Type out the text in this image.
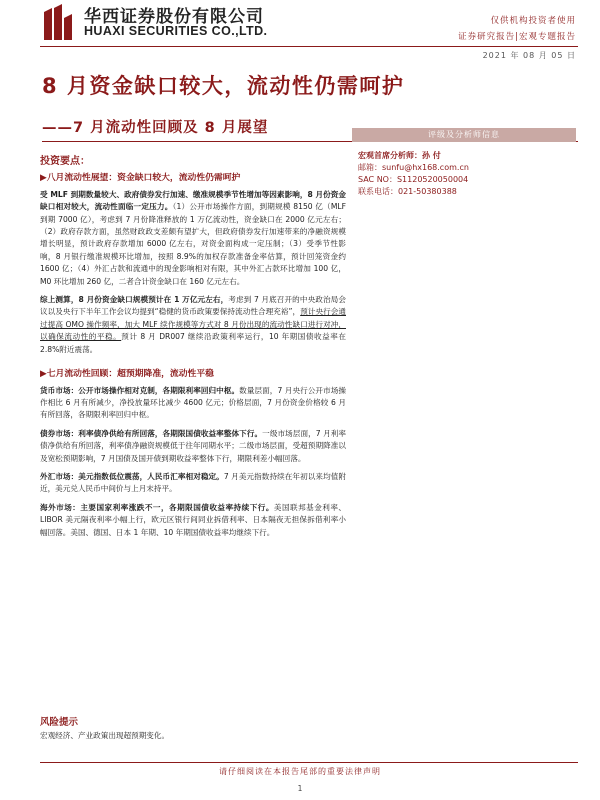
华西证券股份有限公司
HUAXI SECURITIES CO.,LTD.
仅供机构投资者使用
证券研究报告|宏观专题报告
2021 年 08 月 05 日
8 月资金缺口较大，流动性仍需呵护
——7 月流动性回顾及 8 月展望	评级及分析师信息
宏观首席分析师：孙 付
邮箱：sunfu@hx168.com.cn
SAC NO：S1120520050004
联系电话：021-50380388
投资要点：
▶八月流动性展望：资金缺口较大，流动性仍需呵护
受 MLF 到期数量较大、政府债券发行加速、缴准规模季节性增加等因素影响，8 月份资金缺口相对较大，流动性面临一定压力。（1）公开市场操作方面，到期规模 8150 亿（MLF 到期 7000 亿），考虑到 7 月份降准释放的 1 万亿流动性，资金缺口在 2000 亿元左右；（2）政府存款方面，虽然财政政支差颇有望扩大，但政府债券发行加速带来的净融资规模增长明显，预计政府存款增加 6000 亿左右，对资金面构成一定压制；（3）受季节性影响，8 月银行缴准规模环比增加，按照 8.9%的加权存款准备金率估算，预计回笼资金约 1600 亿；（4）外汇占款和流通中的现金影响相对有限，其中外汇占款环比增加 100 亿，M0 环比增加 260 亿，二者合计资金缺口在 160 亿元左右。
综上测算，8 月份资金缺口规模预计在 1 万亿元左右，考虑到 7 月底召开的中央政治局会议以及央行下半年工作会议均提到“稳健的货币政策要保持流动性合理充裕”，预计央行会通过提高 OMO 操作频率，加大 MLF 续作规模等方式对 8 月份出现的流动性缺口进行对冲，以确保流动性的平稳。预计 8 月 DR007 继续沿政策利率运行，10 年期国债收益率在 2.8%附近震荡。
▶七月流动性回顾：超预期降准，流动性平稳
货币市场：公开市场操作相对克制，各期限利率回归中枢。数量层面，7 月央行公开市场操作相比 6 月有所减少，净投放量环比减少 4600 亿元；价格层面，7 月份资金价格较 6 月有所回落，各期限利率回归中枢。
债券市场：利率债净供给有所回落，各期限国债收益率整体下行。一级市场层面，7 月利率债净供给有所回落，利率债净融资规模低于往年同期水平；二级市场层面，受超预期降准以及宽松预期影响，7 月国债及国开债到期收益率整体下行，期限利差小幅回落。
外汇市场：美元指数低位震荡，人民币汇率相对稳定。7 月美元指数持续在年初以来均值附近，美元兑人民币中间价与上月末持平。
海外市场：主要国家利率涨跌不一，各期限国债收益率持续下行。美国联邦基金利率、LIBOR 美元隔夜利率小幅上行，欧元区银行间同业拆借利率、日本隔夜无担保拆借利率小幅回落。美国、德国、日本 1 年期、10 年期国债收益率均继续下行。
风险提示
宏观经济、产业政策出现超预期变化。
请仔细阅读在本报告尾部的重要法律声明
1
